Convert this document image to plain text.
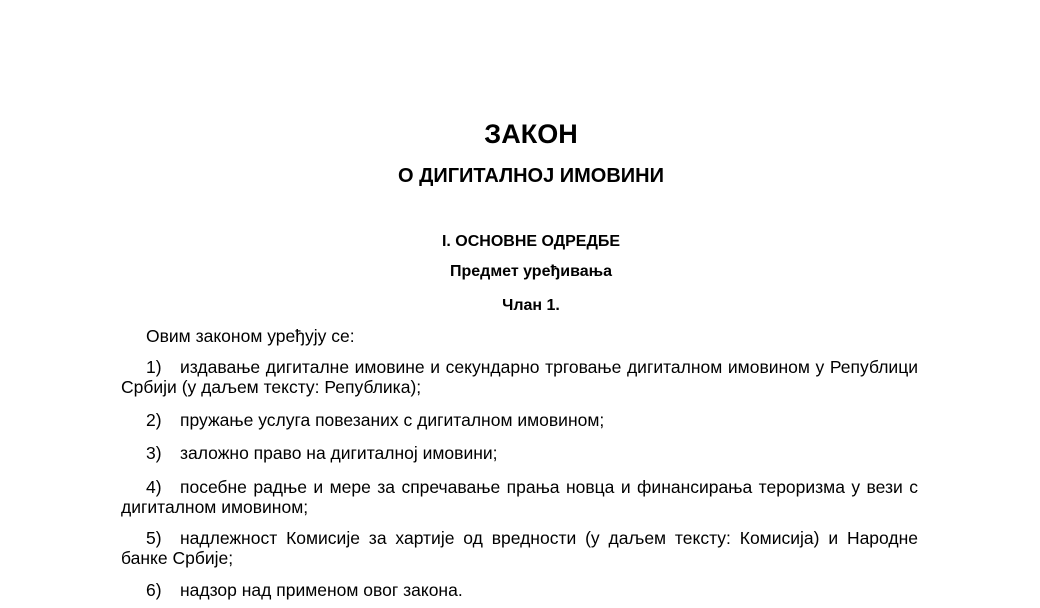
ЗАКОН
О ДИГИТАЛНОЈ ИМОВИНИ
I. ОСНОВНЕ ОДРЕДБЕ
Предмет уређивања
Члан 1.

Овим законом уређују се:

1) издавање дигиталне имовине и секундарно трговање дигиталном имовином у Републици Србији (у даљем тексту: Република);

2) пружање услуга повезаних с дигиталном имовином;

3) заложно право на дигиталној имовини;

4) посебне радње и мере за спречавање прања новца и финансирања тероризма у вези с дигиталном имовином;

5) надлежност Комисије за хартије од вредности (у даљем тексту: Комисија) и Народне банке Србије;

6) надзор над применом овог закона.
